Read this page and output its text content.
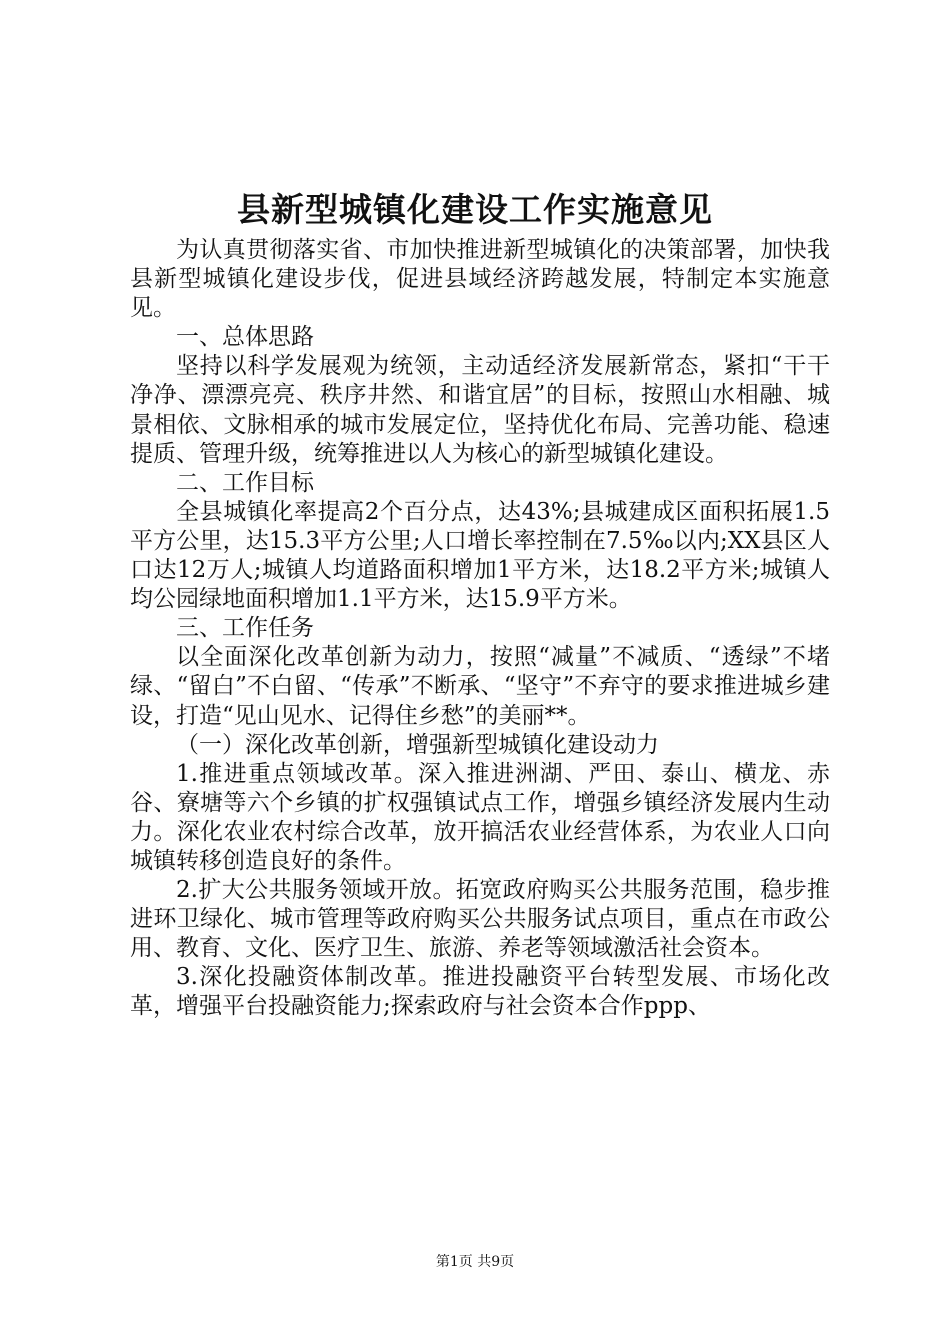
县新型城镇化建设工作实施意见

为认真贯彻落实省、市加快推进新型城镇化的决策部署，加快我县新型城镇化建设步伐，促进县域经济跨越发展，特制定本实施意见。

一、总体思路

坚持以科学发展观为统领，主动适经济发展新常态，紧扣“干干净净、漂漂亮亮、秩序井然、和谐宜居”的目标，按照山水相融、城景相依、文脉相承的城市发展定位，坚持优化布局、完善功能、稳速提质、管理升级，统筹推进以人为核心的新型城镇化建设。

二、工作目标

全县城镇化率提高2个百分点，达43%;县城建成区面积拓展1.5平方公里，达15.3平方公里;人口增长率控制在7.5‰以内;XX县区人口达12万人;城镇人均道路面积增加1平方米，达18.2平方米;城镇人均公园绿地面积增加1.1平方米，达15.9平方米。

三、工作任务

以全面深化改革创新为动力，按照“减量”不减质、“透绿”不堵绿、“留白”不白留、“传承”不断承、“坚守”不弃守的要求推进城乡建设，打造“见山见水、记得住乡愁”的美丽**。

（一）深化改革创新，增强新型城镇化建设动力

1.推进重点领域改革。深入推进洲湖、严田、泰山、横龙、赤谷、寮塘等六个乡镇的扩权强镇试点工作，增强乡镇经济发展内生动力。深化农业农村综合改革，放开搞活农业经营体系，为农业人口向城镇转移创造良好的条件。

2.扩大公共服务领域开放。拓宽政府购买公共服务范围，稳步推进环卫绿化、城市管理等政府购买公共服务试点项目，重点在市政公用、教育、文化、医疗卫生、旅游、养老等领域激活社会资本。

3.深化投融资体制改革。推进投融资平台转型发展、市场化改革，增强平台投融资能力;探索政府与社会资本合作ppp、

第1页 共9页
